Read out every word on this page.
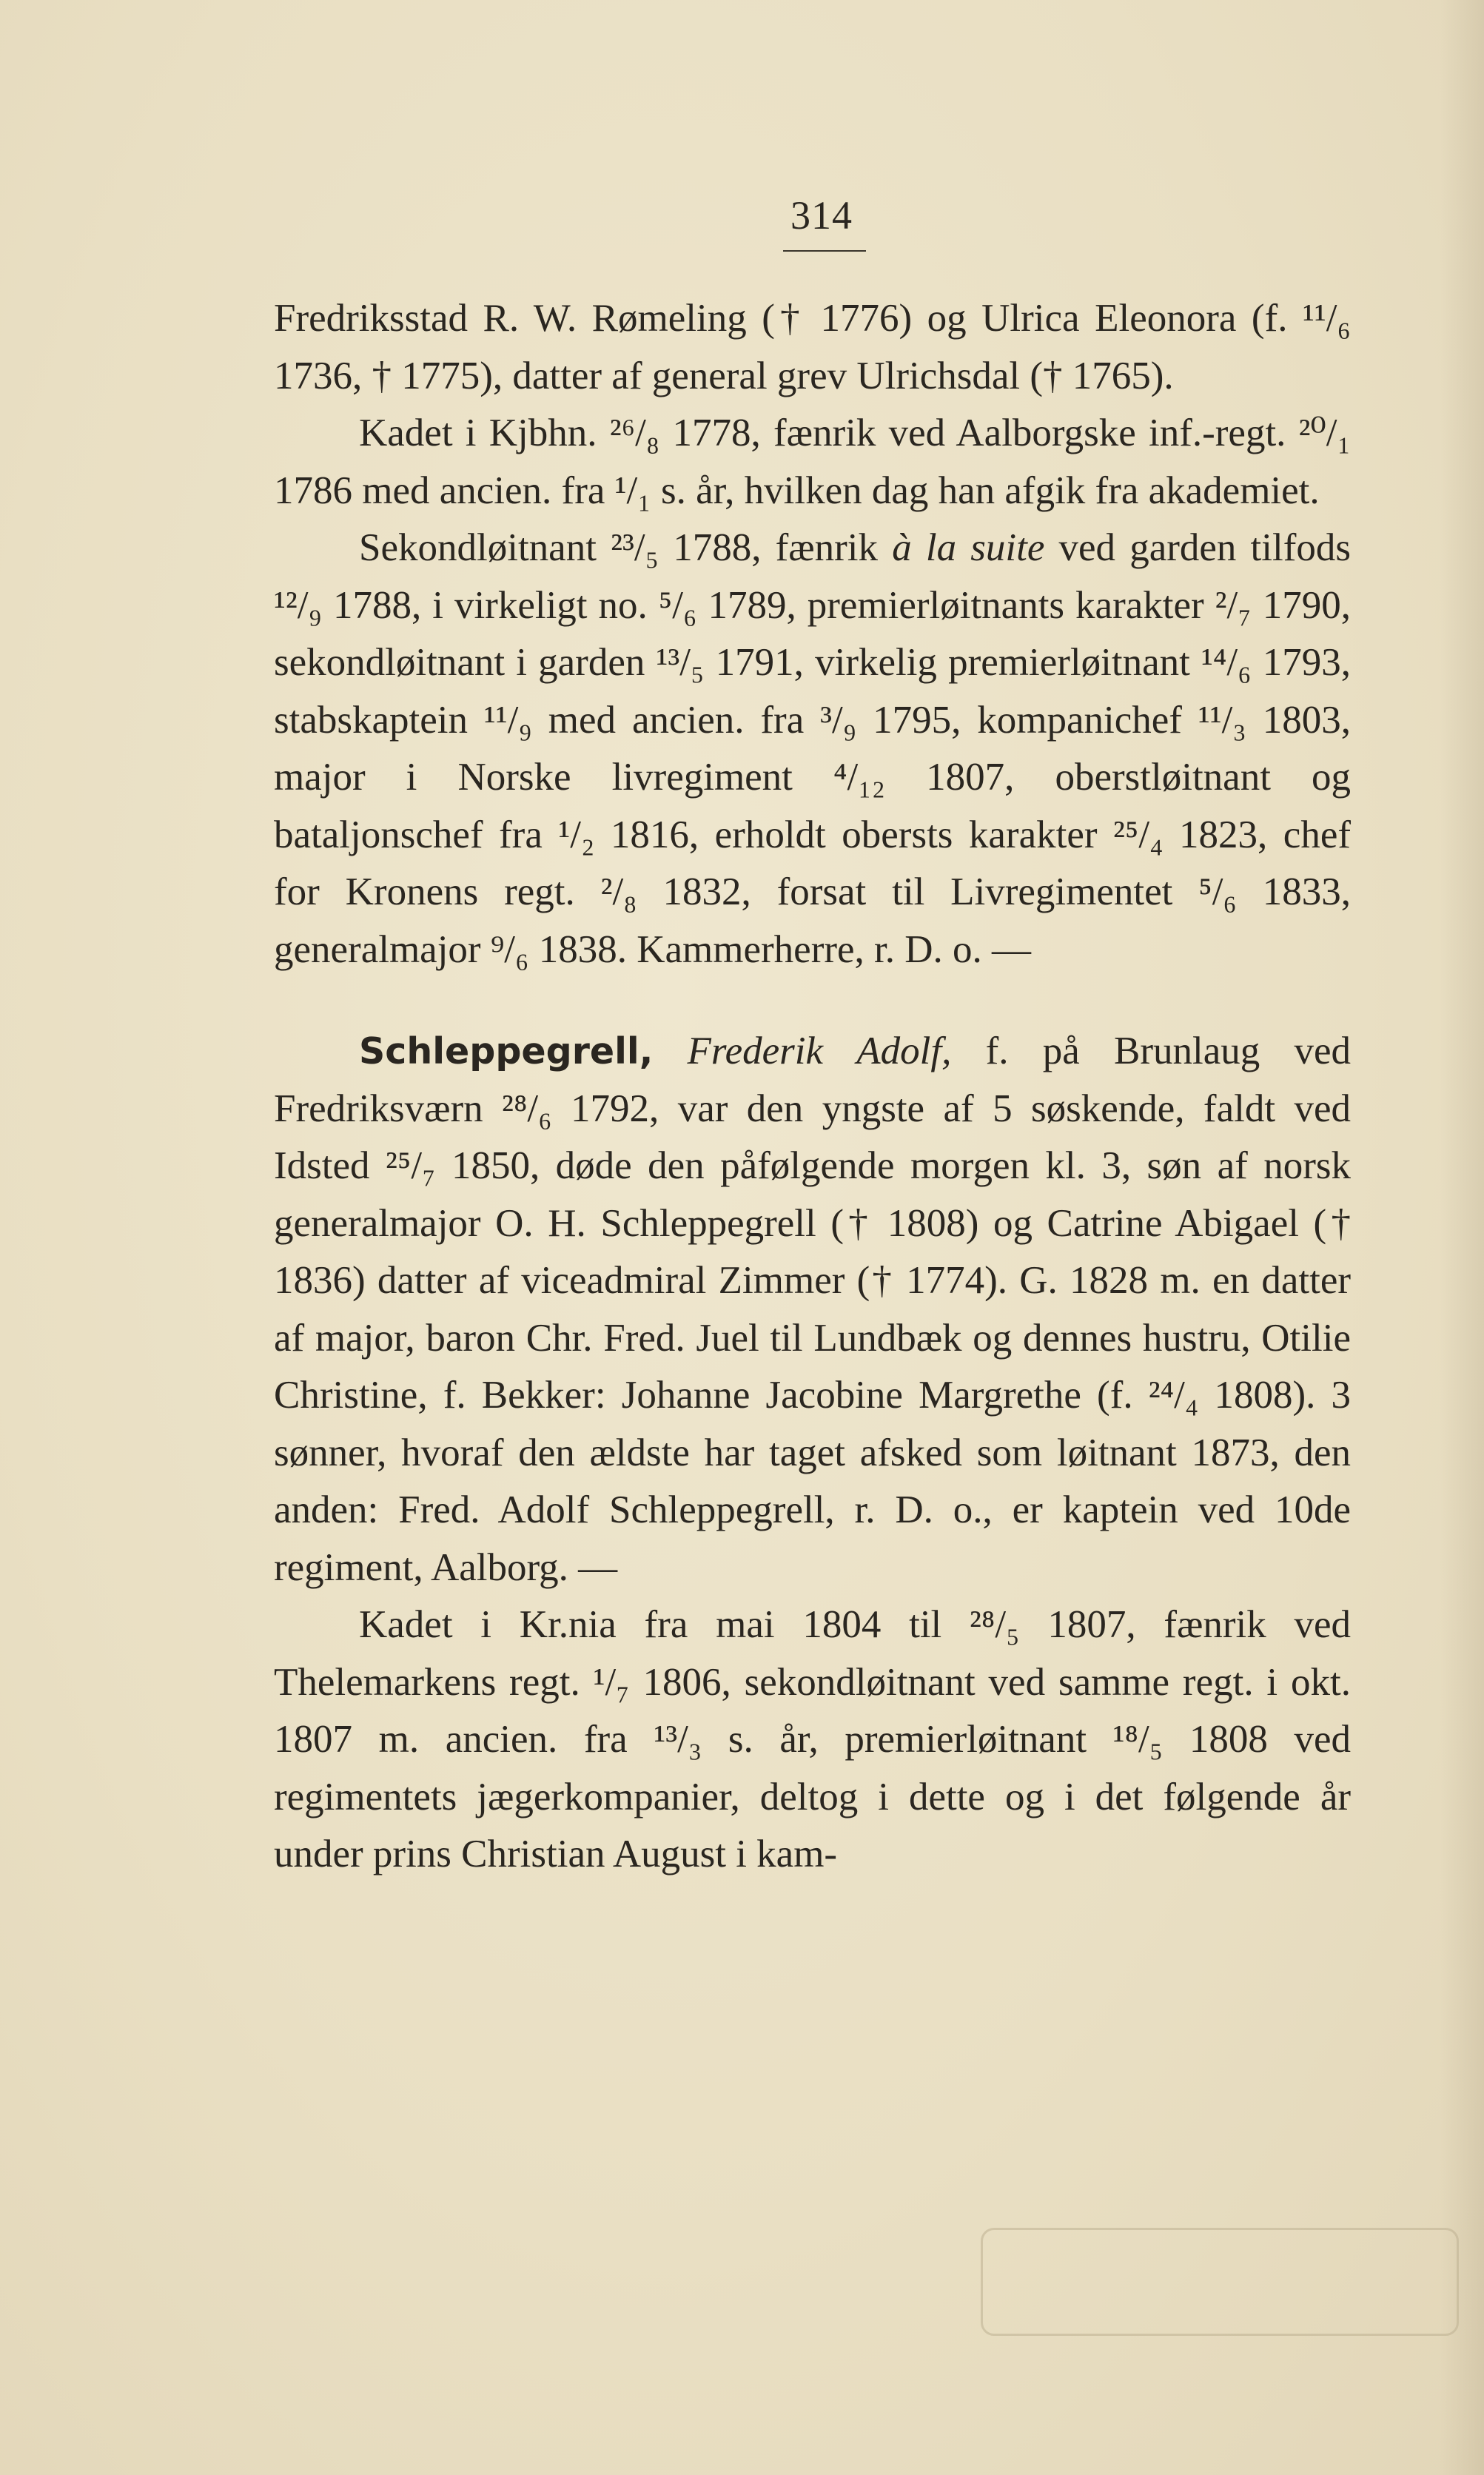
314

Fredriksstad R. W. Rømeling († 1776) og Ulrica Eleonora (f. ¹¹/₆ 1736, † 1775), datter af general grev Ulrichsdal († 1765).

Kadet i Kjbhn. ²⁶/₈ 1778, fænrik ved Aalborgske inf.-regt. ²⁰/₁ 1786 med ancien. fra ¹/₁ s. år, hvilken dag han afgik fra akademiet.

Sekondløitnant ²³/₅ 1788, fænrik à la suite ved garden tilfods ¹²/₉ 1788, i virkeligt no. ⁵/₆ 1789, premierløitnants karakter ²/₇ 1790, sekondløitnant i garden ¹³/₅ 1791, virkelig premierløitnant ¹⁴/₆ 1793, stabskaptein ¹¹/₉ med ancien. fra ³/₉ 1795, kompanichef ¹¹/₃ 1803, major i Norske livregiment ⁴/₁₂ 1807, oberstløitnant og bataljonschef fra ¹/₂ 1816, erholdt obersts karakter ²⁵/₄ 1823, chef for Kronens regt. ²/₈ 1832, forsat til Livregimentet ⁵/₆ 1833, generalmajor ⁹/₆ 1838. Kammerherre, r. D. o. —

Schleppegrell, Frederik Adolf, f. på Brunlaug ved Fredriksværn ²⁸/₆ 1792, var den yngste af 5 søskende, faldt ved Idsted ²⁵/₇ 1850, døde den påfølgende morgen kl. 3, søn af norsk generalmajor O. H. Schleppegrell († 1808) og Catrine Abigael († 1836) datter af viceadmiral Zimmer († 1774). G. 1828 m. en datter af major, baron Chr. Fred. Juel til Lundbæk og dennes hustru, Otilie Christine, f. Bekker: Johanne Jacobine Margrethe (f. ²⁴/₄ 1808). 3 sønner, hvoraf den ældste har taget afsked som løitnant 1873, den anden: Fred. Adolf Schleppegrell, r. D. o., er kaptein ved 10de regiment, Aalborg. —

Kadet i Kr.nia fra mai 1804 til ²⁸/₅ 1807, fænrik ved Thelemarkens regt. ¹/₇ 1806, sekondløitnant ved samme regt. i okt. 1807 m. ancien. fra ¹³/₃ s. år, premierløitnant ¹⁸/₅ 1808 ved regimentets jægerkompanier, deltog i dette og i det følgende år under prins Christian August i kam-
